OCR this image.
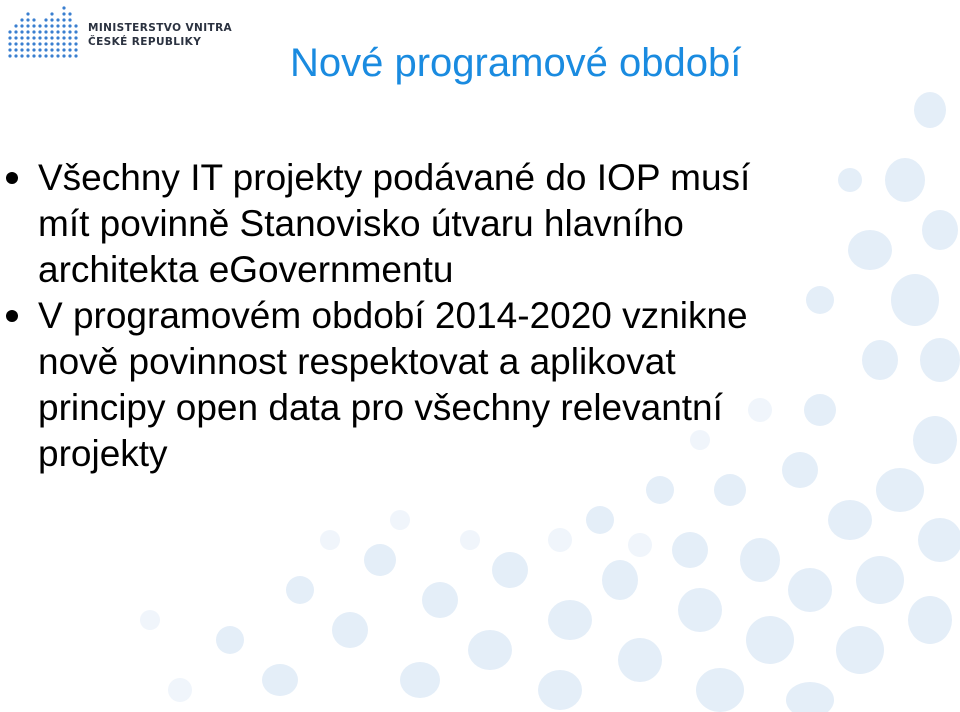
MINISTERSTVO VNITRA
ČESKÉ REPUBLIKY	Nové programové období
Všechny IT projekty podávané do IOP musí
mít povinně Stanovisko útvaru hlavního
architekta eGovernmentu
V programovém období 2014-2020 vznikne
nově povinnost respektovat a aplikovat
principy open data pro všechny relevantní
projekty
